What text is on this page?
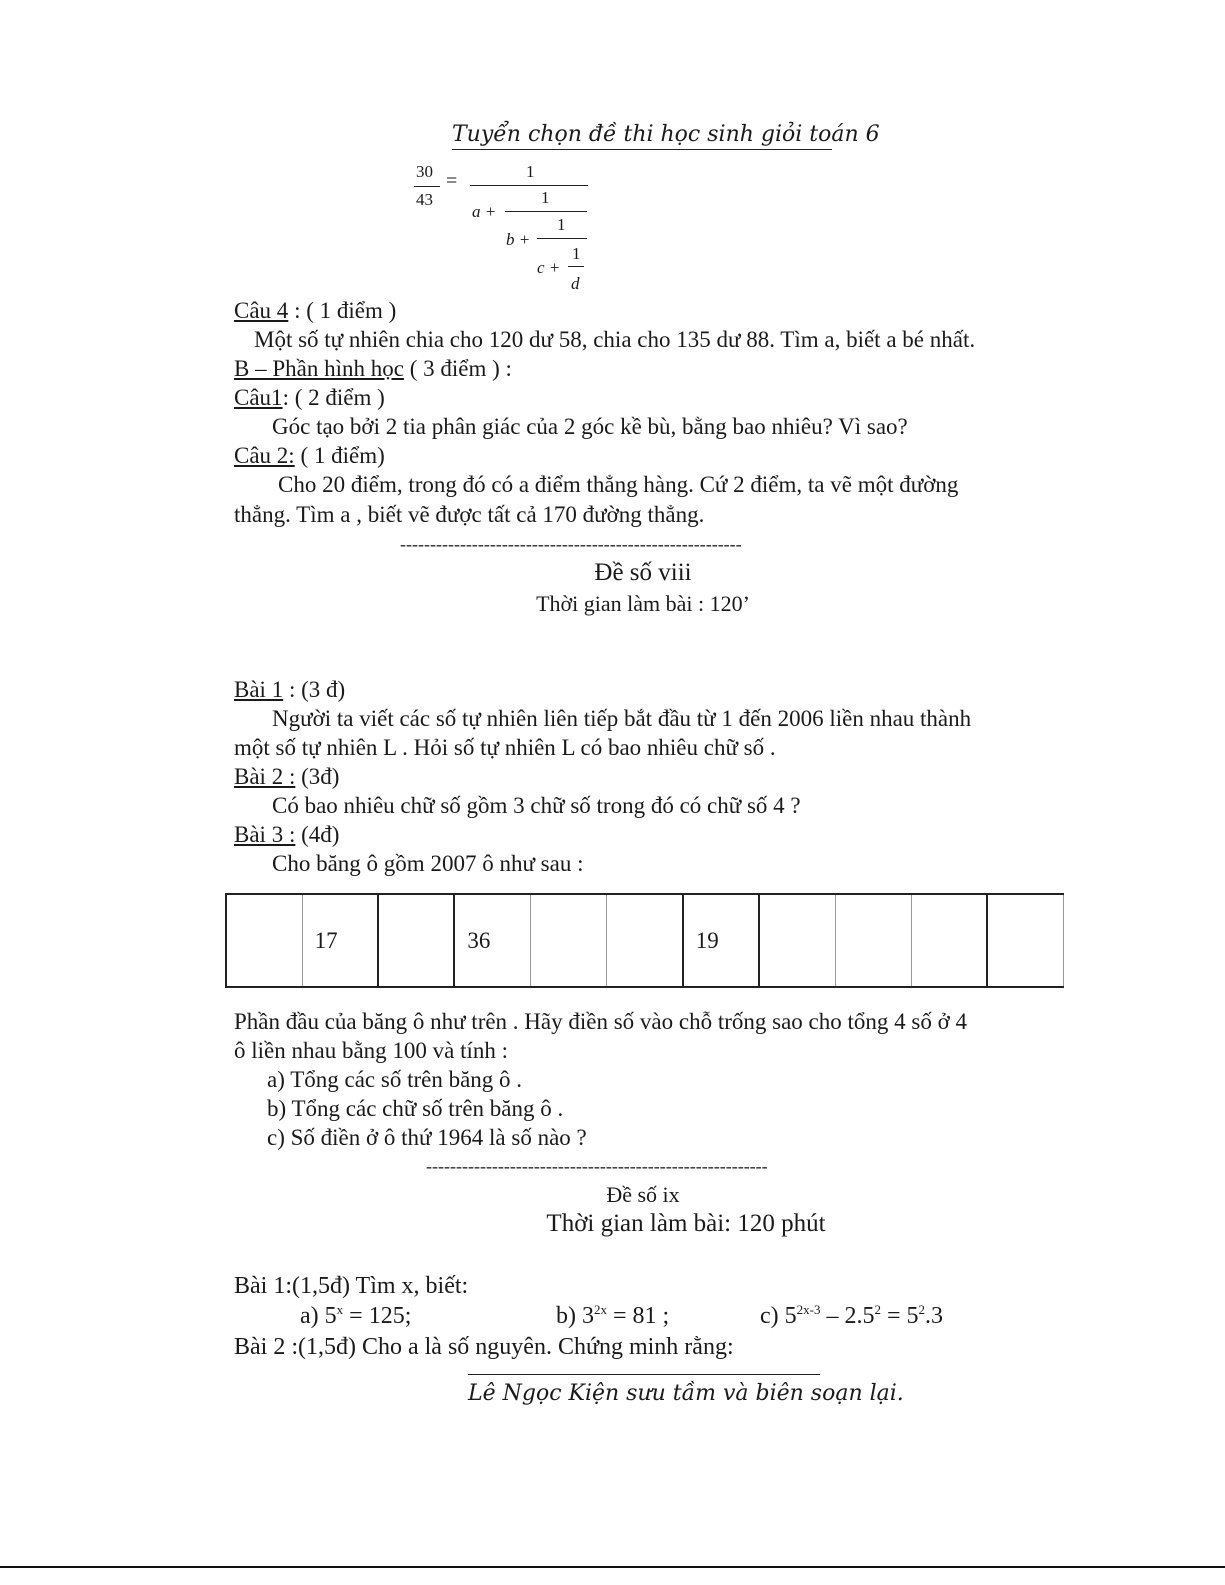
Tuyển chọn đề thi học sinh giỏi toán 6
30
43
=	1
a +
1
b +
1
c +
1
d
Câu 4 : ( 1 điểm )
Một số tự nhiên chia cho 120 dư 58, chia cho 135 dư 88. Tìm a, biết a bé nhất.
B – Phần hình học ( 3 điểm ) :
Câu1: ( 2 điểm )
Góc tạo bởi 2 tia phân giác của 2 góc kề bù, bằng bao nhiêu? Vì sao?
Câu 2: ( 1 điểm)
Cho 20 điểm, trong đó có a điểm thẳng hàng. Cứ 2 điểm, ta vẽ một đường
thẳng. Tìm a , biết vẽ được tất cả 170 đường thẳng.
---------------------------------------------------------
Đề số viii
Thời gian làm bài : 120’
Bài 1 : (3 đ)
Người ta viết các số tự nhiên liên tiếp bắt đầu từ 1 đến 2006 liền nhau thành
một số tự nhiên L . Hỏi số tự nhiên L có bao nhiêu chữ số .
Bài 2 : (3đ)
Có bao nhiêu chữ số gồm 3 chữ số trong đó có chữ số 4 ?
Bài 3 : (4đ)
Cho băng ô gồm 2007 ô như sau :
	17		36			19				
Phần đầu của băng ô như trên . Hãy điền số vào chỗ trống sao cho tổng 4 số ở 4
ô liền nhau bằng 100 và tính :
a) Tổng các số trên băng ô .
b) Tổng các chữ số trên băng ô .
c) Số điền ở ô thứ 1964 là số nào ?
---------------------------------------------------------
Đề số ix
Thời gian làm bài: 120 phút
Bài 1:(1,5đ) Tìm x, biết:
a) $5^x = 125$;	b) $3^{2x} = 81$ ;	c) $5^{2x-3} - 2.5^2 = 5^2.3$
Bài 2 :(1,5đ) Cho a là số nguyên. Chứng minh rằng:
Lê Ngọc Kiện sưu tầm và biên soạn lại.
